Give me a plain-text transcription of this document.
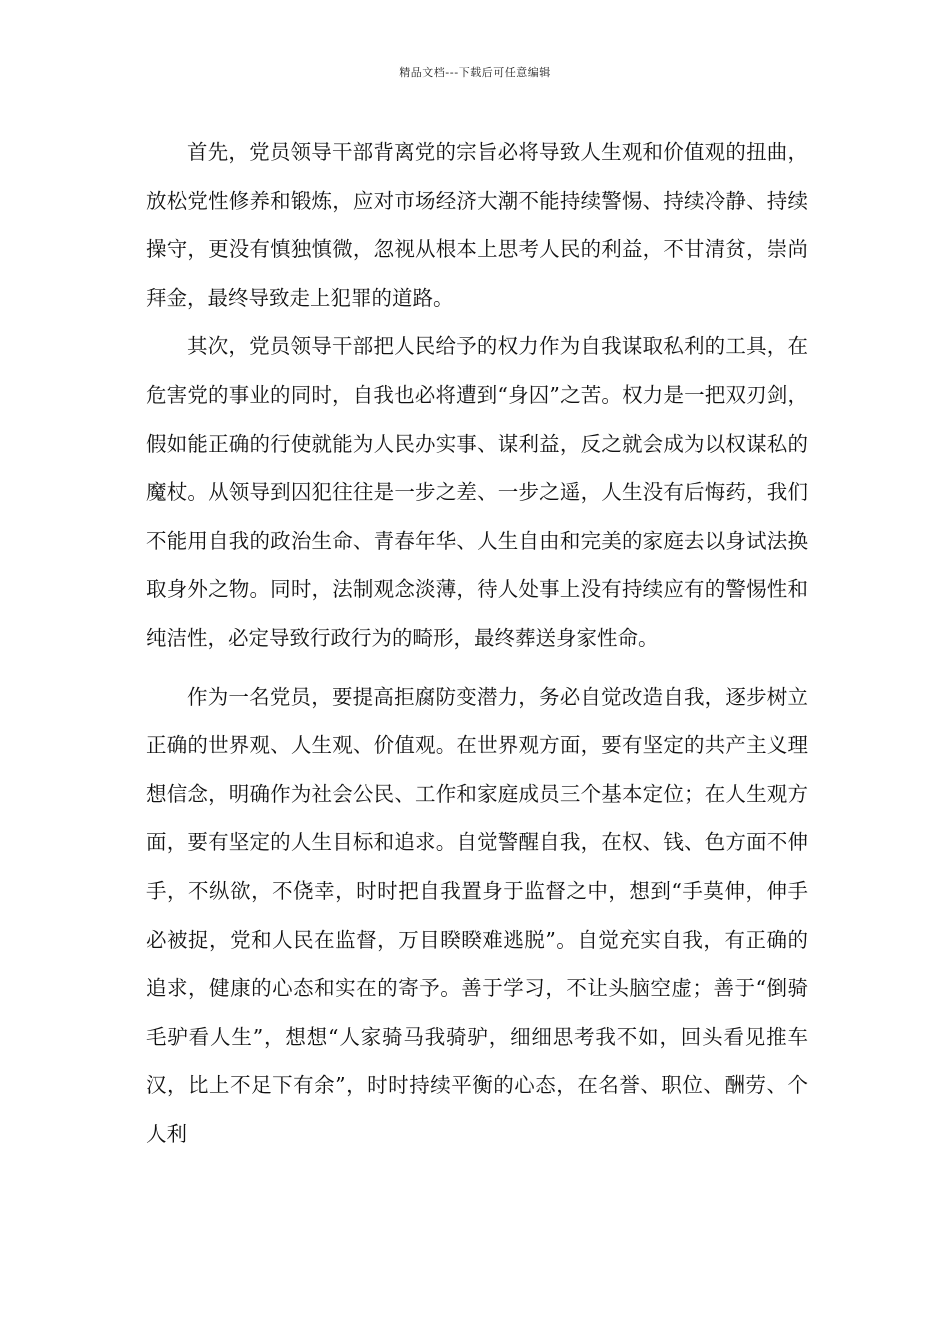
精品文档---下载后可任意编辑

首先，党员领导干部背离党的宗旨必将导致人生观和价值观的扭曲，放松党性修养和锻炼，应对市场经济大潮不能持续警惕、持续冷静、持续操守，更没有慎独慎微，忽视从根本上思考人民的利益，不甘清贫，崇尚拜金，最终导致走上犯罪的道路。

其次，党员领导干部把人民给予的权力作为自我谋取私利的工具，在危害党的事业的同时，自我也必将遭到“身囚”之苦。权力是一把双刃剑，假如能正确的行使就能为人民办实事、谋利益，反之就会成为以权谋私的魔杖。从领导到囚犯往往是一步之差、一步之遥，人生没有后悔药，我们不能用自我的政治生命、青春年华、人生自由和完美的家庭去以身试法换取身外之物。同时，法制观念淡薄，待人处事上没有持续应有的警惕性和纯洁性，必定导致行政行为的畸形，最终葬送身家性命。

作为一名党员，要提高拒腐防变潜力，务必自觉改造自我，逐步树立正确的世界观、人生观、价值观。在世界观方面，要有坚定的共产主义理想信念，明确作为社会公民、工作和家庭成员三个基本定位；在人生观方面，要有坚定的人生目标和追求。自觉警醒自我，在权、钱、色方面不伸手，不纵欲，不侥幸，时时把自我置身于监督之中，想到“手莫伸，伸手必被捉，党和人民在监督，万目睽睽难逃脱”。自觉充实自我，有正确的追求，健康的心态和实在的寄予。善于学习，不让头脑空虚；善于“倒骑毛驴看人生”，想想“人家骑马我骑驴，细细思考我不如，回头看见推车汉，比上不足下有余”，时时持续平衡的心态，在名誉、职位、酬劳、个人利
